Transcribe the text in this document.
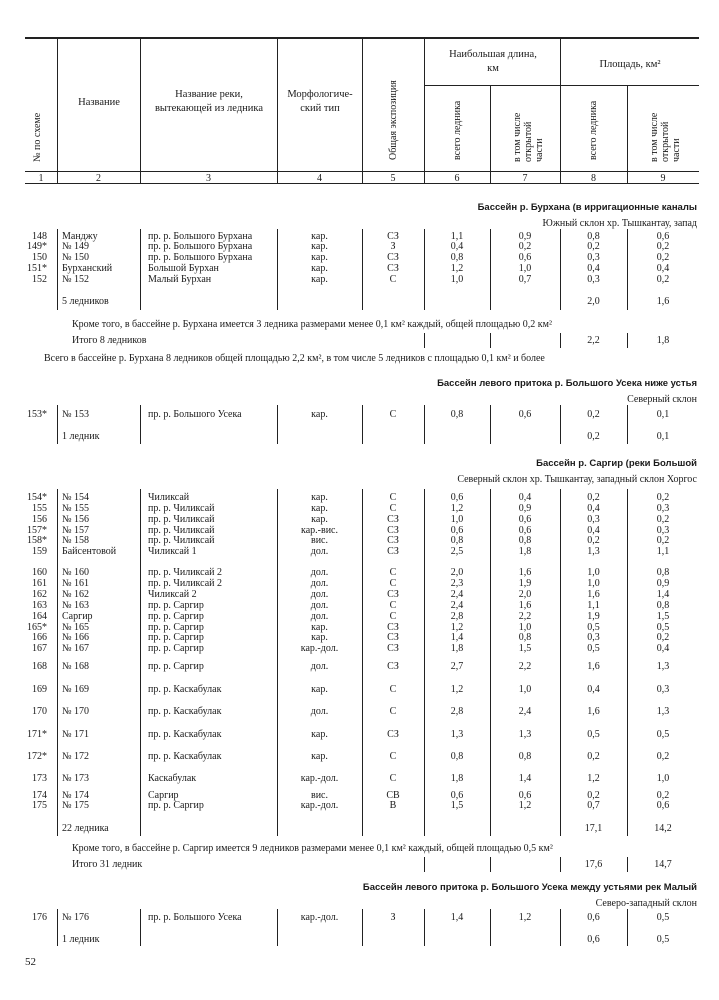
№ по схеме
Название
Название реки, вытекающей из ледника
Морфологиче-ский тип	Общая экспозиция
Наибольшая длина, км	Площадь, км²
всего ледника	в том числе открытой части	всего ледника	в том числе открытой части
1	2	3	4	5	6	7	8	9
Бассейн р. Бурхана (в ирригационные каналы
Южный склон хр. Тышкантау, запад
148 Манджу	пр. р. Большого Бурхана	кар.	СЗ	1,1	0,9	0,8	0,6
149* № 149	пр. р. Большого Бурхана	кар.	З	0,4	0,2	0,2	0,2
150 № 150	пр. р. Большого Бурхана	кар.	СЗ	0,8	0,6	0,3	0,2
151* Бурханский	Большой Бурхан	кар.	СЗ	1,2	1,0	0,4	0,4
152 № 152	Малый Бурхан	кар.	С	1,0	0,7	0,3	0,2
5 ледников	2,0	1,6
Кроме того, в бассейне р. Бурхана имеется 3 ледника размерами менее 0,1 км² каждый, общей площадью 0,2 км²
Итого 8 ледников	2,2	1,8
Всего в бассейне р. Бурхана 8 ледников общей площадью 2,2 км², в том числе 5 ледников с площадью 0,1 км² и более
Бассейн левого притока р. Большого Усека ниже устья
Северный склон
153* № 153	пр. р. Большого Усека	кар.	С	0,8	0,6	0,2	0,1
1 ледник	0,2	0,1
Бассейн р. Саргир (реки Большой
Северный склон хр. Тышкантау, западный склон Хоргос
154* № 154	Чиликсай	кар.	С	0,6	0,4	0,2	0,2
155 № 155	пр. р. Чиликсай	кар.	С	1,2	0,9	0,4	0,3
156 № 156	пр. р. Чиликсай	кар.	СЗ	1,0	0,6	0,3	0,2
157* № 157	пр. р. Чиликсай	кар.-вис.	СЗ	0,6	0,6	0,4	0,3
158* № 158	пр. р. Чиликсай	вис.	СЗ	0,8	0,8	0,2	0,2
159 Байсентовой	Чиликсай 1	дол.	СЗ	2,5	1,8	1,3	1,1
160 № 160	пр. р. Чиликсай 2	дол.	С	2,0	1,6	1,0	0,8
161 № 161	пр. р. Чиликсай 2	дол.	С	2,3	1,9	1,0	0,9
162 № 162	Чиликсай 2	дол.	СЗ	2,4	2,0	1,6	1,4
163 № 163	пр. р. Саргир	дол.	С	2,4	1,6	1,1	0,8
164 Саргир	пр. р. Саргир	дол.	С	2,8	2,2	1,9	1,5
165* № 165	пр. р. Саргир	кар.	СЗ	1,2	1,0	0,5	0,5
166 № 166	пр. р. Саргир	кар.	СЗ	1,4	0,8	0,3	0,2
167 № 167	пр. р. Саргир	кар.-дол.	СЗ	1,8	1,5	0,5	0,4
168 № 168	пр. р. Саргир	дол.	СЗ	2,7	2,2	1,6	1,3
169 № 169	пр. р. Каскабулак	кар.	С	1,2	1,0	0,4	0,3
170 № 170	пр. р. Каскабулак	дол.	С	2,8	2,4	1,6	1,3
171* № 171	пр. р. Каскабулак	кар.	СЗ	1,3	1,3	0,5	0,5
172* № 172	пр. р. Каскабулак	кар.	С	0,8	0,8	0,2	0,2
173 № 173	Каскабулак	кар.-дол.	С	1,8	1,4	1,2	1,0
174 № 174	Саргир	вис.	СВ	0,6	0,6	0,2	0,2
175 № 175	пр. р. Саргир	кар.-дол.	В	1,5	1,2	0,7	0,6
22 ледника	17,1	14,2
Кроме того, в бассейне р. Саргир имеется 9 ледников размерами менее 0,1 км² каждый, общей площадью 0,5 км²
Итого 31 ледник	17,6	14,7
Бассейн левого притока р. Большого Усека между устьями рек Малый
Северо-западный склон
176 № 176	пр. р. Большого Усека	кар.-дол.	З	1,4	1,2	0,6	0,5
1 ледник	0,6	0,5
52
